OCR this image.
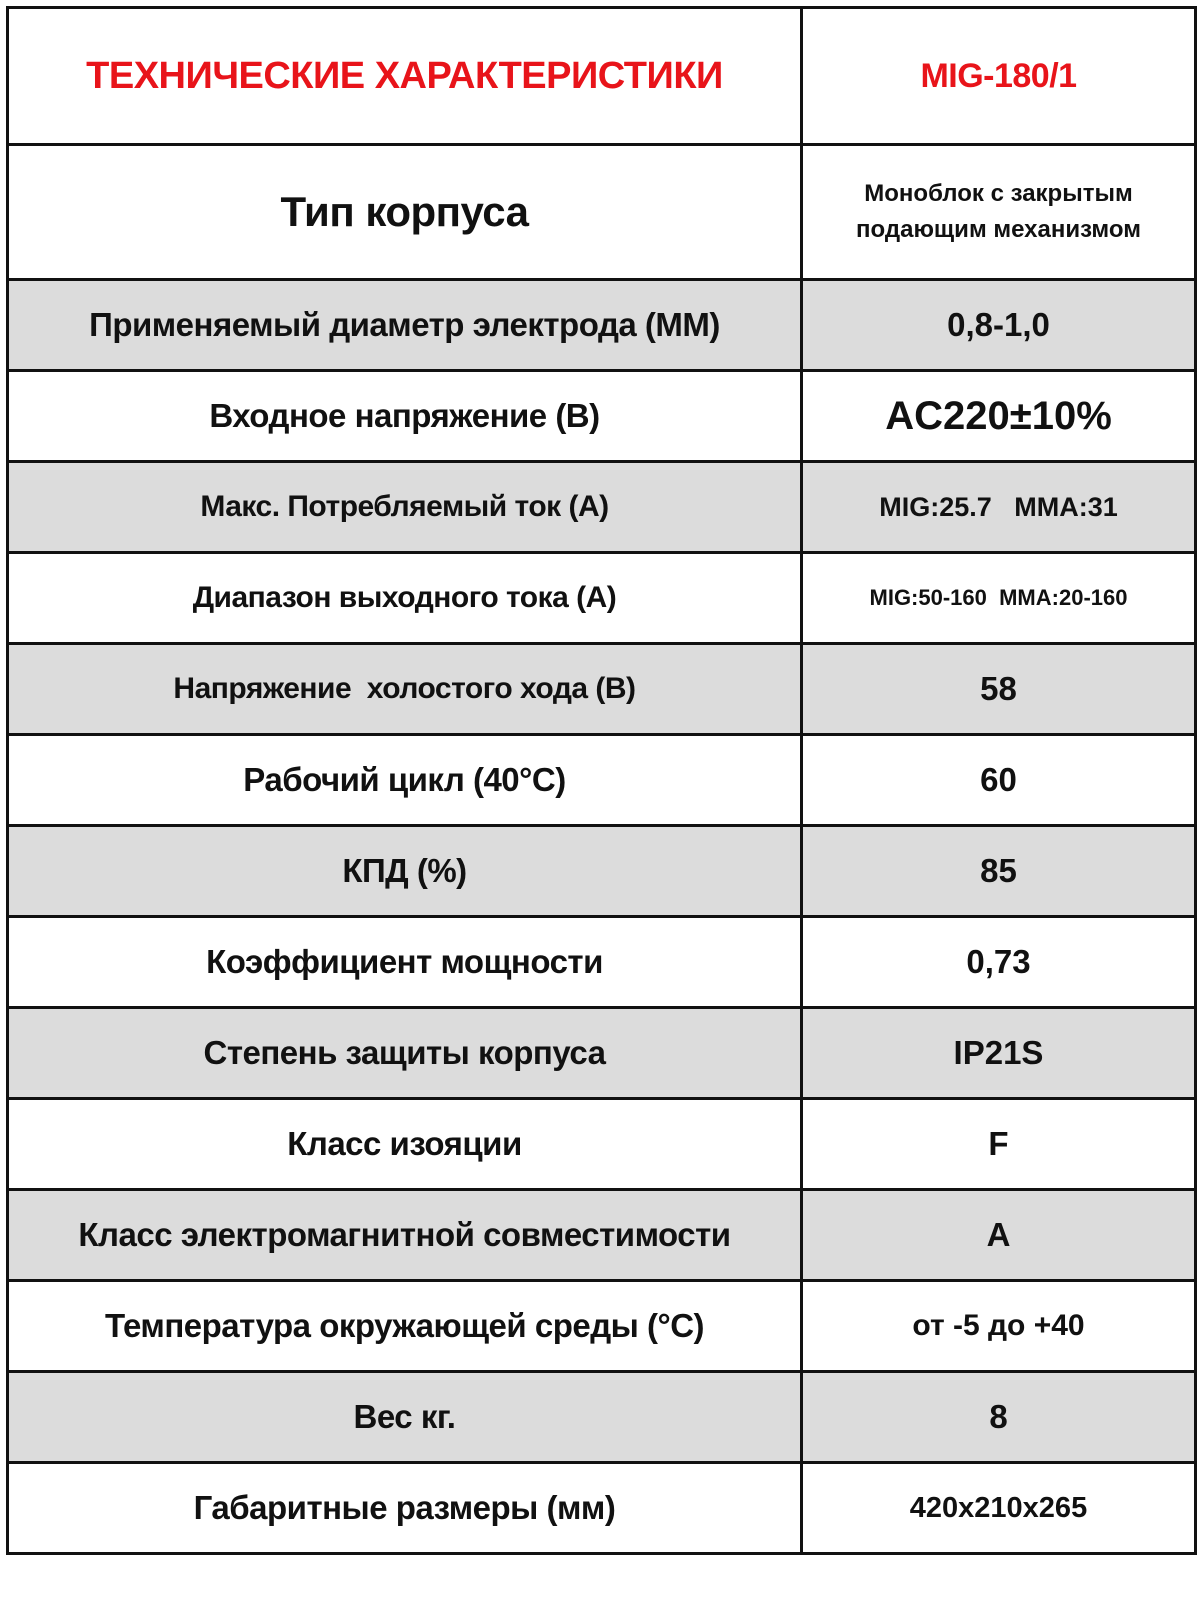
ТЕХНИЧЕСКИЕ ХАРАКТЕРИСТИКИ	MIG-180/1
Тип корпуса	Моноблок с закрытым
подающим механизмом

Применяемый диаметр электрода (ММ)	0,8-1,0
Входное напряжение (В)	AC220±10%
Макс. Потребляемый ток (А)	MIG:25.7   MMA:31
Диапазон выходного тока (А)	MIG:50-160  MMA:20-160
Напряжение  холостого хода (В)	58
Рабочий цикл (40°С)	60
КПД (%)	85
Коэффициент мощности	0,73
Степень защиты корпуса	IP21S
Класс изояции	F
Класс электромагнитной совместимости	А
Температура окружающей среды (°С)	от -5 до +40
Вес кг.	8
Габаритные размеры (мм)	420x210x265
